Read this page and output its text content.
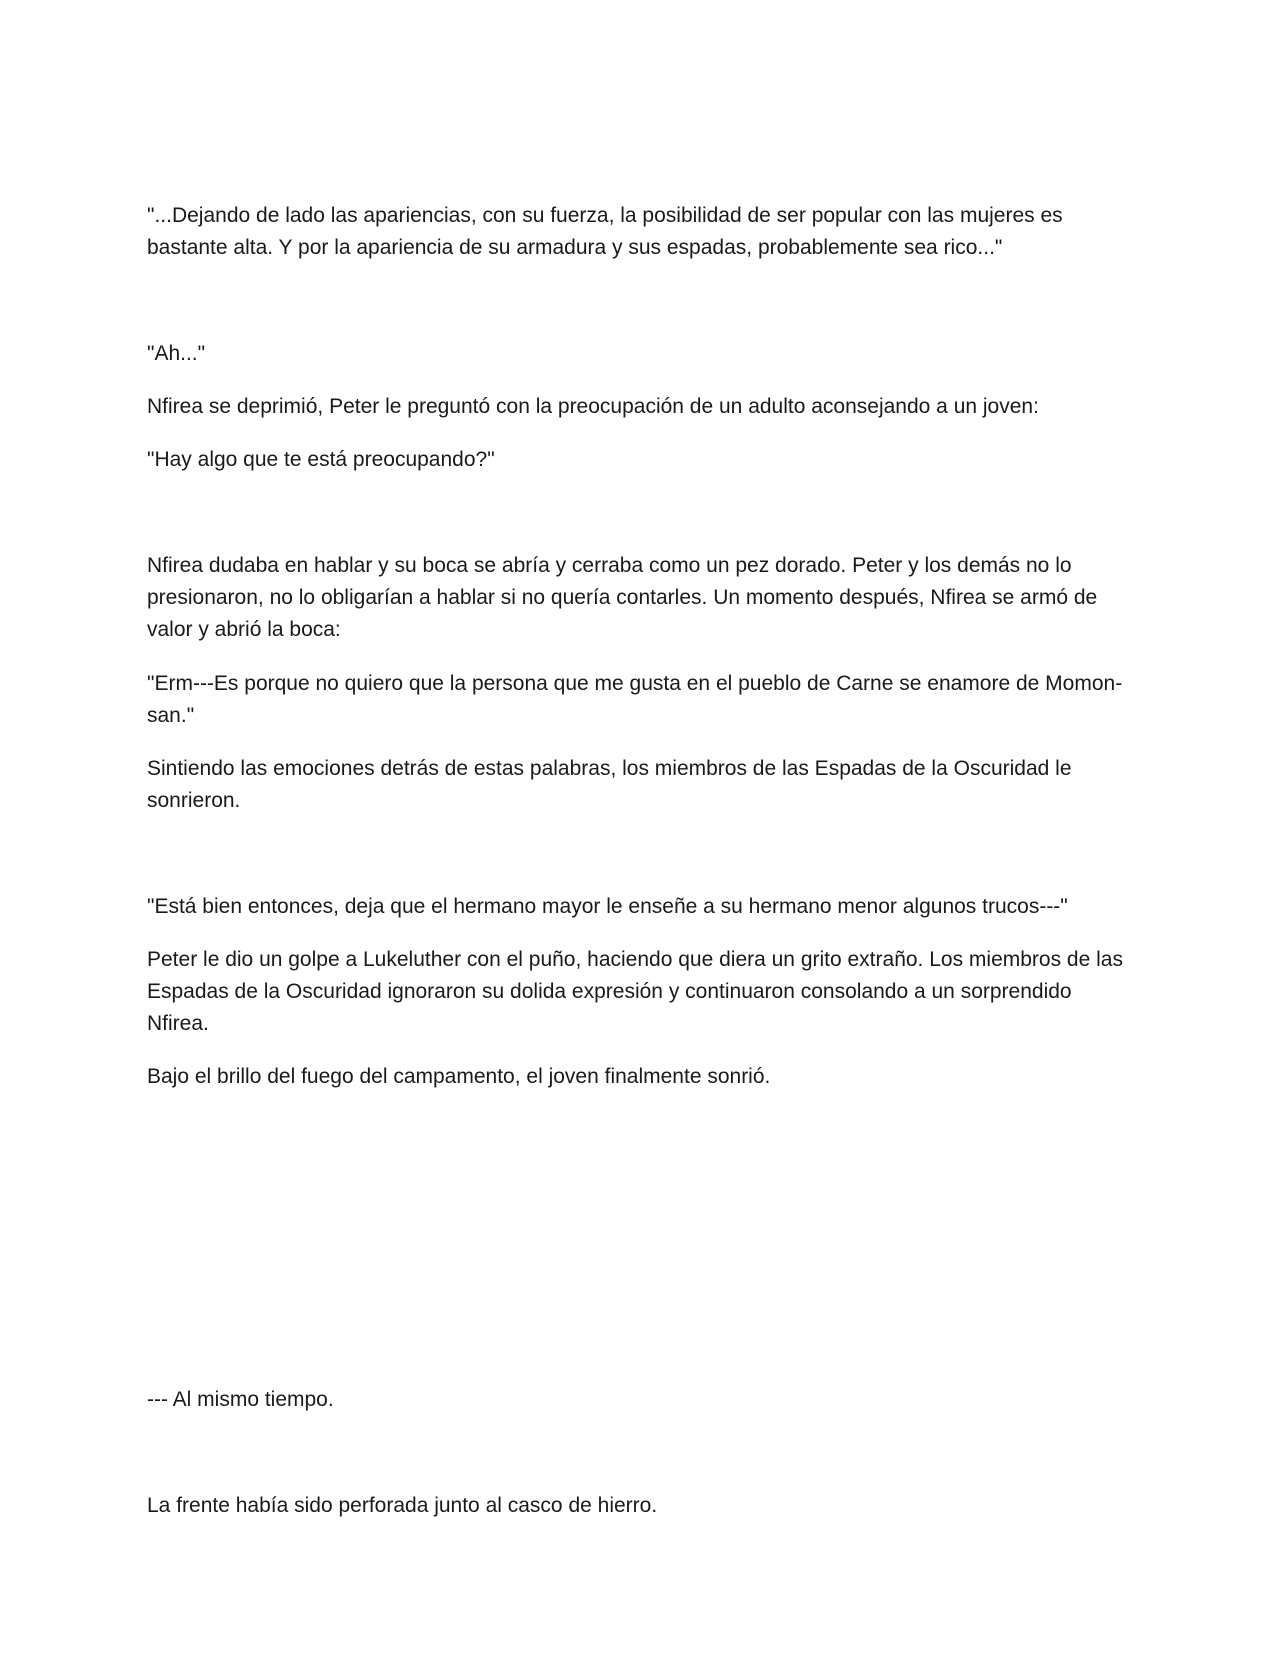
"...Dejando de lado las apariencias, con su fuerza, la posibilidad de ser popular con las mujeres es bastante alta. Y por la apariencia de su armadura y sus espadas, probablemente sea rico..."

"Ah..."

Nfirea se deprimió, Peter le preguntó con la preocupación de un adulto aconsejando a un joven:

"Hay algo que te está preocupando?"

Nfirea dudaba en hablar y su boca se abría y cerraba como un pez dorado. Peter y los demás no lo presionaron, no lo obligarían a hablar si no quería contarles. Un momento después, Nfirea se armó de valor y abrió la boca:

"Erm---Es porque no quiero que la persona que me gusta en el pueblo de Carne se enamore de Momon-san."

Sintiendo las emociones detrás de estas palabras, los miembros de las Espadas de la Oscuridad le sonrieron.

"Está bien entonces, deja que el hermano mayor le enseñe a su hermano menor algunos trucos---"

Peter le dio un golpe a Lukeluther con el puño, haciendo que diera un grito extraño. Los miembros de las Espadas de la Oscuridad ignoraron su dolida expresión y continuaron consolando a un sorprendido Nfirea.

Bajo el brillo del fuego del campamento, el joven finalmente sonrió.

--- Al mismo tiempo.

La frente había sido perforada junto al casco de hierro.
